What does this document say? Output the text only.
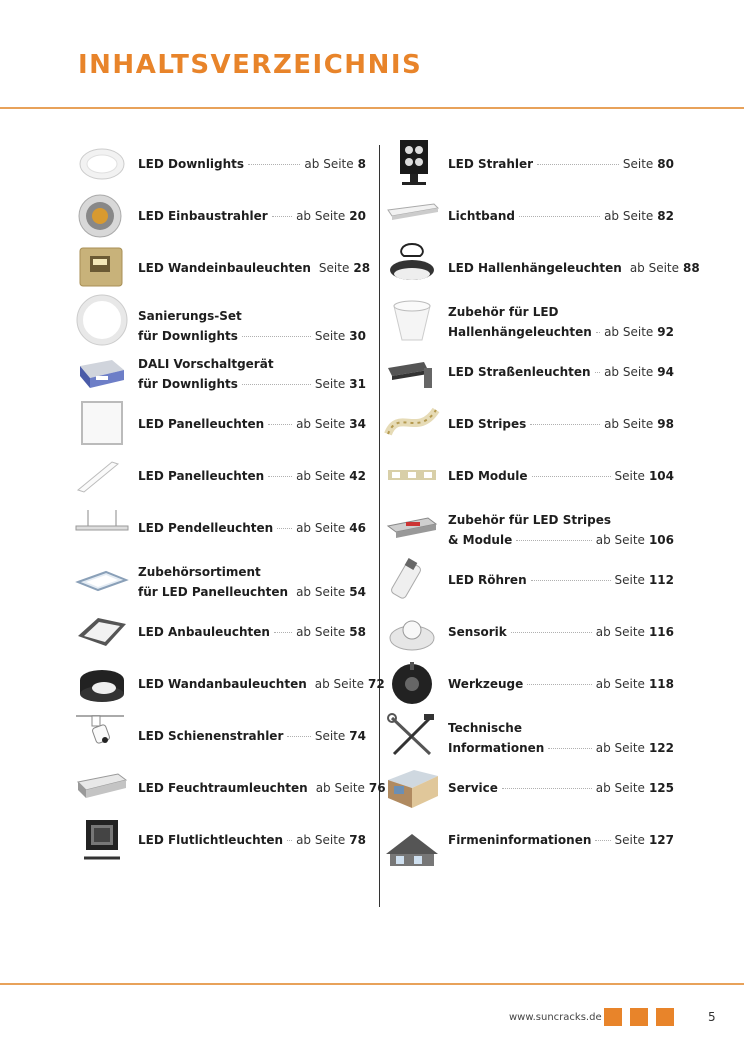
INHALTSVERZEICHNIS
LED Downlights	ab Seite 8
LED Einbaustrahler ab Seite 20
LED Wandeinbauleuchten Seite 28
Sanierungs-Set
für Downlights	Seite 30
DALI Vorschaltgerät
für Downlights	Seite 31
LED Panelleuchten	ab Seite 34
LED Panelleuchten	ab Seite 42
LED Pendelleuchten ab Seite 46
Zubehörsortiment
für LED Panelleuchten ab Seite 54
LED Anbauleuchten ab Seite 58
LED Wandanbauleuchten ab Seite 72
LED Schienenstrahler	Seite 74
LED Feuchtraumleuchten ab Seite 76
LED Flutlichtleuchten ab Seite 78
LED Strahler	Seite 80
Lichtband	ab Seite 82
LED Hallenhängeleuchten ab Seite 88
Zubehör für LED
Hallenhängeleuchten ab Seite 92
LED Straßenleuchten ab Seite 94
LED Stripes	ab Seite 98
LED Module	Seite 104
Zubehör für LED Stripes
& Module	ab Seite 106
LED Röhren	Seite 112
Sensorik	ab Seite 116
Werkzeuge	ab Seite 118
Technische
Informationen	ab Seite 122
Service	ab Seite 125
Firmeninformationen Seite 127
www.suncracks.de	5
